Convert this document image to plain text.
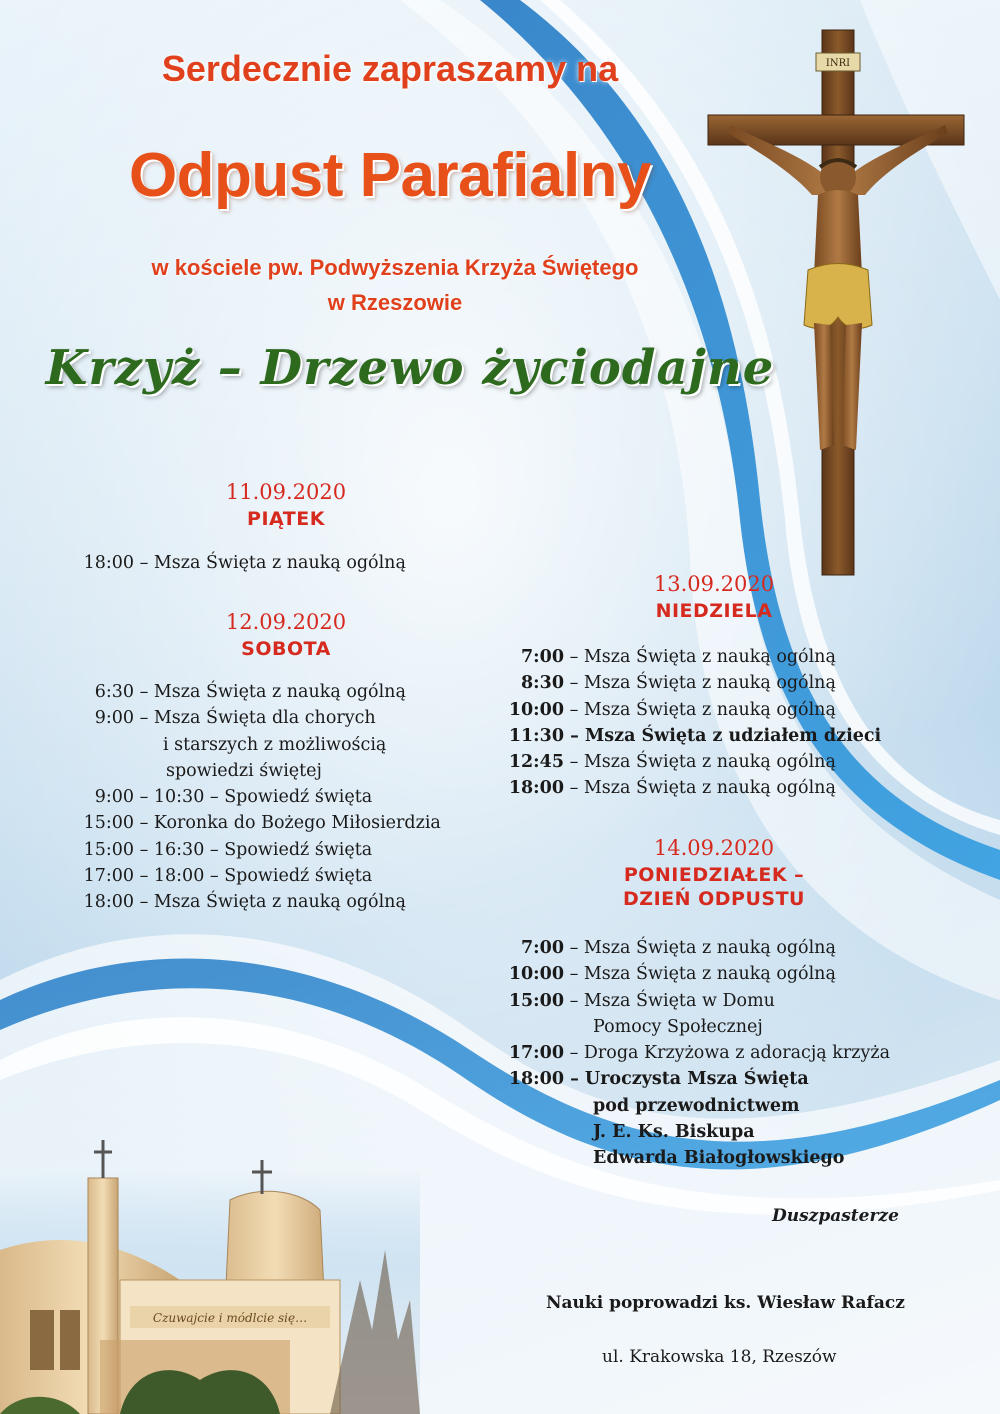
INRI
Czuwajcie i módlcie się…
Serdecznie zapraszamy na
Odpust Parafialny
w kościele pw. Podwyższenia Krzyża Świętego
w Rzeszowie
Krzyż – Drzewo życiodajne
11.09.2020
PIĄTEK
18:00 – Msza Święta z nauką ogólną
12.09.2020
SOBOTA
6:30 – Msza Święta z nauką ogólną
9:00 – Msza Święta dla chorych
i starszych z możliwością
spowiedzi świętej
9:00 – 10:30 – Spowiedź święta
15:00 – Koronka do Bożego Miłosierdzia
15:00 – 16:30 – Spowiedź święta
17:00 – 18:00 – Spowiedź święta
18:00 – Msza Święta z nauką ogólną
13.09.2020
NIEDZIELA
7:00 – Msza Święta z nauką ogólną
8:30 – Msza Święta z nauką ogólną
10:00 – Msza Święta z nauką ogólną
11:30 – Msza Święta z udziałem dzieci
12:45 – Msza Święta z nauką ogólną
18:00 – Msza Święta z nauką ogólną
14.09.2020
PONIEDZIAŁEK –
DZIEŃ ODPUSTU
7:00 – Msza Święta z nauką ogólną
10:00 – Msza Święta z nauką ogólną
15:00 – Msza Święta w Domu
Pomocy Społecznej
17:00 – Droga Krzyżowa z adoracją krzyża
18:00 – Uroczysta Msza Święta
pod przewodnictwem
J. E. Ks. Biskupa
Edwarda Białogłowskiego
Duszpasterze
Nauki poprowadzi ks. Wiesław Rafacz
ul. Krakowska 18, Rzeszów
